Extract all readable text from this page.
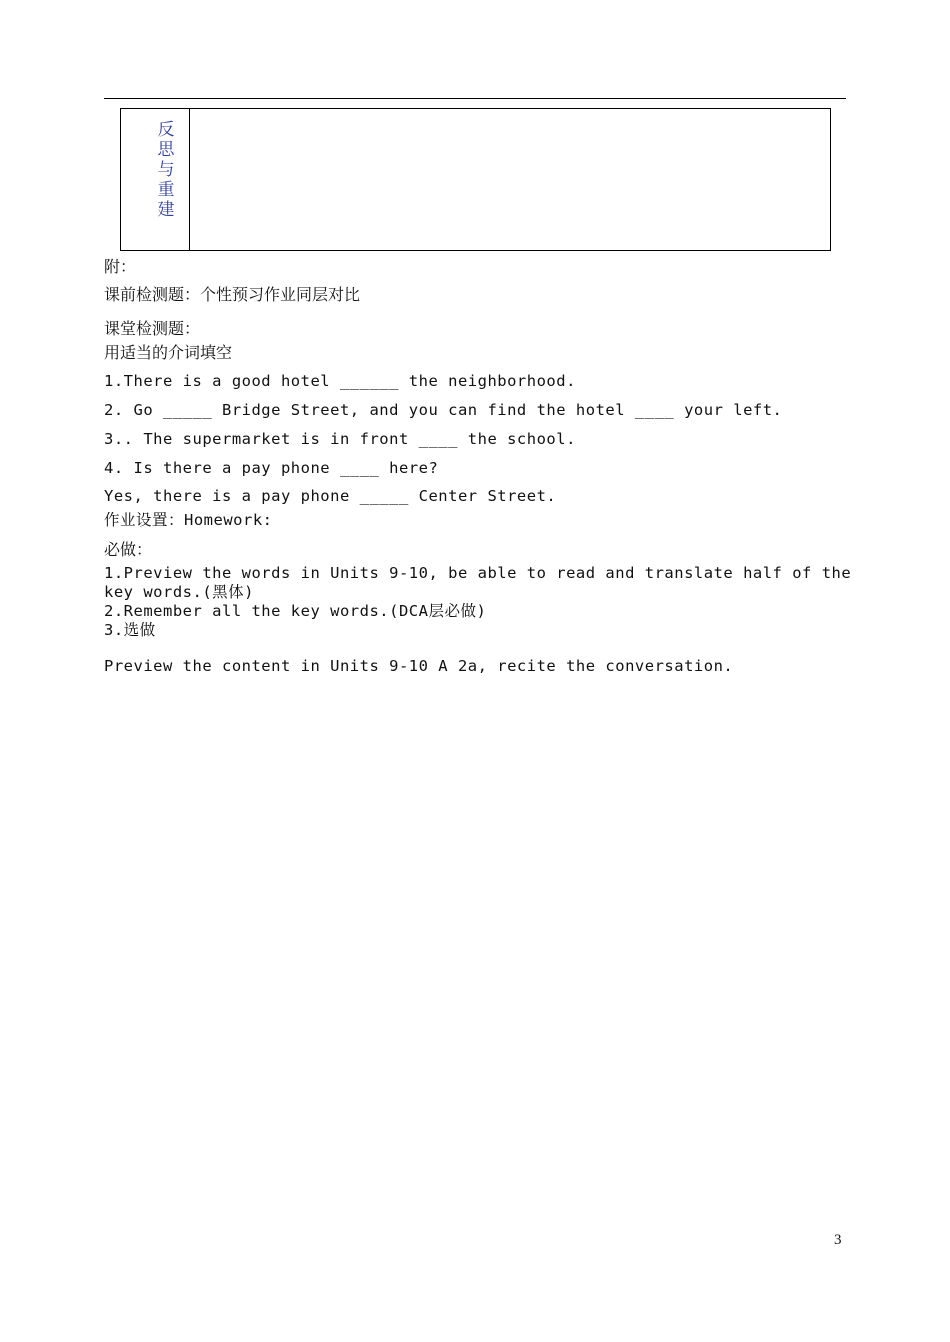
反
思
与
重
建
附：
课前检测题：个性预习作业同层对比
课堂检测题：
用适当的介词填空
1.There is a good hotel ______ the neighborhood.
2. Go _____ Bridge Street, and you can find the hotel ____ your left.
3.. The supermarket is in front ____ the school.
4. Is there a pay phone ____ here?
Yes, there is a pay phone _____ Center Street.
作业设置：Homework:
必做：
1.Preview the words in Units 9-10, be able to read and translate half of the
key words.(黑体)
2.Remember all the key words.(DCA层必做)
3.选做
Preview the content in Units 9-10 A 2a, recite the conversation.
3
